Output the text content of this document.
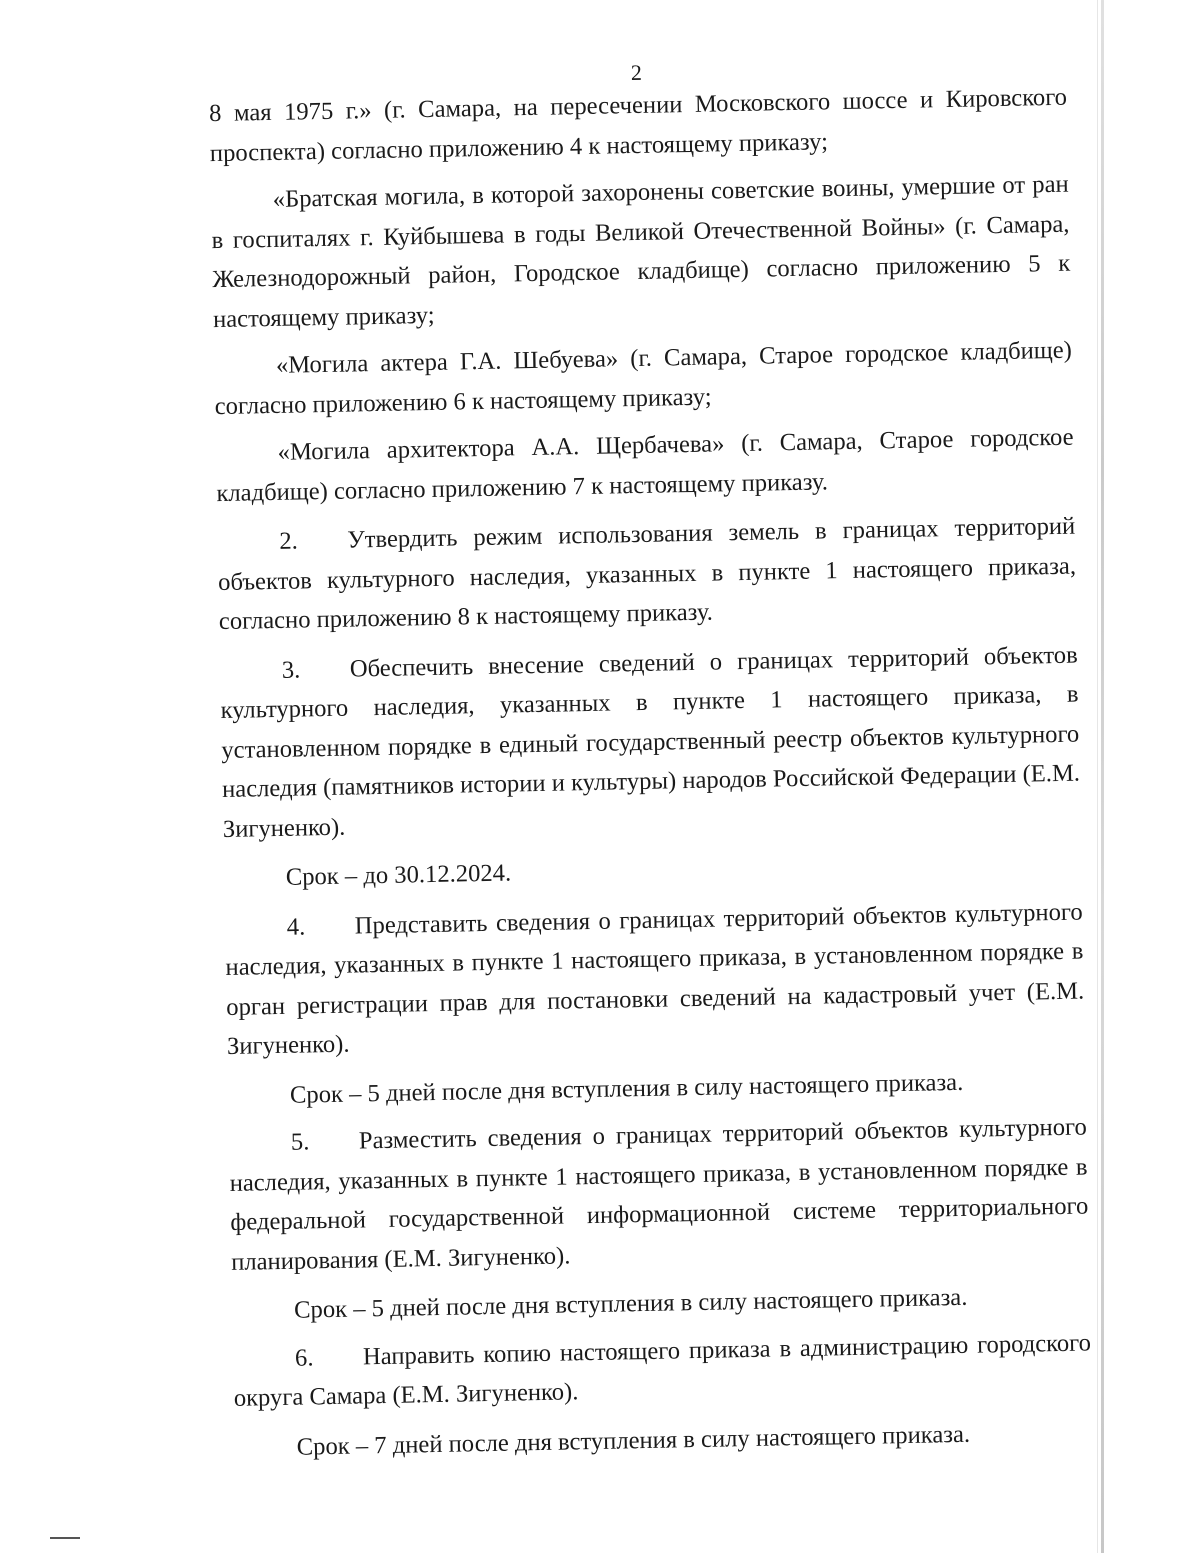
2

8 мая 1975 г.» (г. Самара, на пересечении Московского шоссе и Кировского проспекта) согласно приложению 4 к настоящему приказу;

«Братская могила, в которой захоронены советские воины, умершие от ран в госпиталях г. Куйбышева в годы Великой Отечественной Войны» (г. Самара, Железнодорожный район, Городское кладбище) согласно приложению 5 к настоящему приказу;

«Могила актера Г.А. Шебуева» (г. Самара, Старое городское кладбище) согласно приложению 6 к настоящему приказу;

«Могила архитектора А.А. Щербачева» (г. Самара, Старое городское кладбище) согласно приложению 7 к настоящему приказу.

2. Утвердить режим использования земель в границах территорий объектов культурного наследия, указанных в пункте 1 настоящего приказа, согласно приложению 8 к настоящему приказу.

3. Обеспечить внесение сведений о границах территорий объектов культурного наследия, указанных в пункте 1 настоящего приказа, в установленном порядке в единый государственный реестр объектов культурного наследия (памятников истории и культуры) народов Российской Федерации (Е.М. Зигуненко).

Срок – до 30.12.2024.

4. Представить сведения о границах территорий объектов культурного наследия, указанных в пункте 1 настоящего приказа, в установленном порядке в орган регистрации прав для постановки сведений на кадастровый учет (Е.М. Зигуненко).

Срок – 5 дней после дня вступления в силу настоящего приказа.

5. Разместить сведения о границах территорий объектов культурного наследия, указанных в пункте 1 настоящего приказа, в установленном порядке в федеральной государственной информационной системе территориального планирования (Е.М. Зигуненко).

Срок – 5 дней после дня вступления в силу настоящего приказа.

6. Направить копию настоящего приказа в администрацию городского округа Самара (Е.М. Зигуненко).

Срок – 7 дней после дня вступления в силу настоящего приказа.
